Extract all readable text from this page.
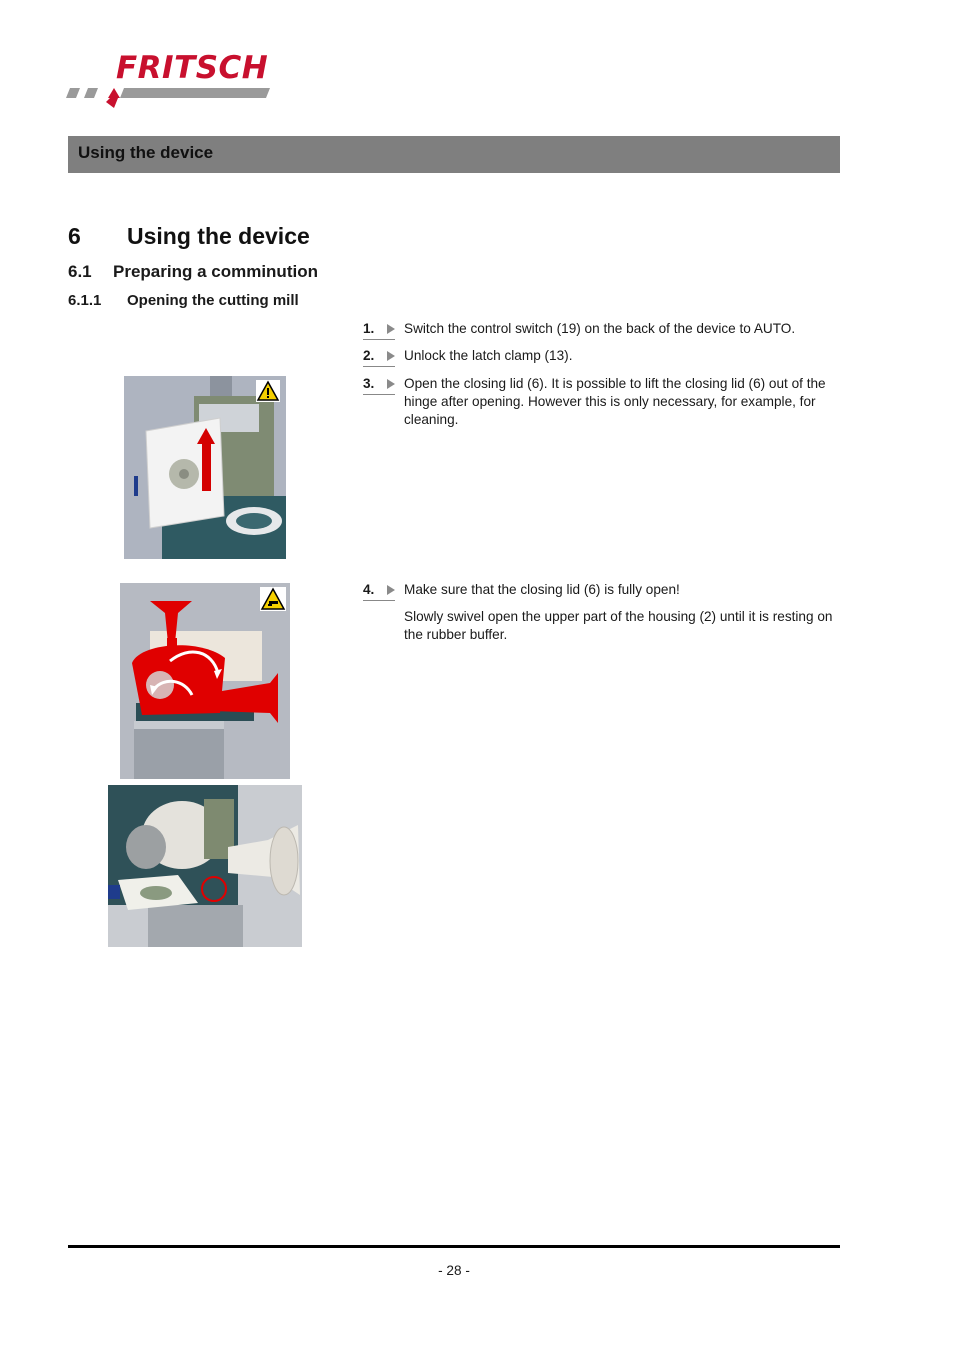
FRITSCH
Using the device
6 Using the device
6.1 Preparing a comminution
6.1.1 Opening the cutting mill
1.	Switch the control switch (19) on the back of the device to AUTO.
2.	Unlock the latch clamp (13).
3.	Open the closing lid (6). It is possible to lift the closing lid (6) out of the hinge after opening. However this is only necessary, for example, for cleaning.
4.	Make sure that the closing lid (6) is fully open!
Slowly swivel open the upper part of the housing (2) until it is resting on the rubber buffer.
- 28 -
